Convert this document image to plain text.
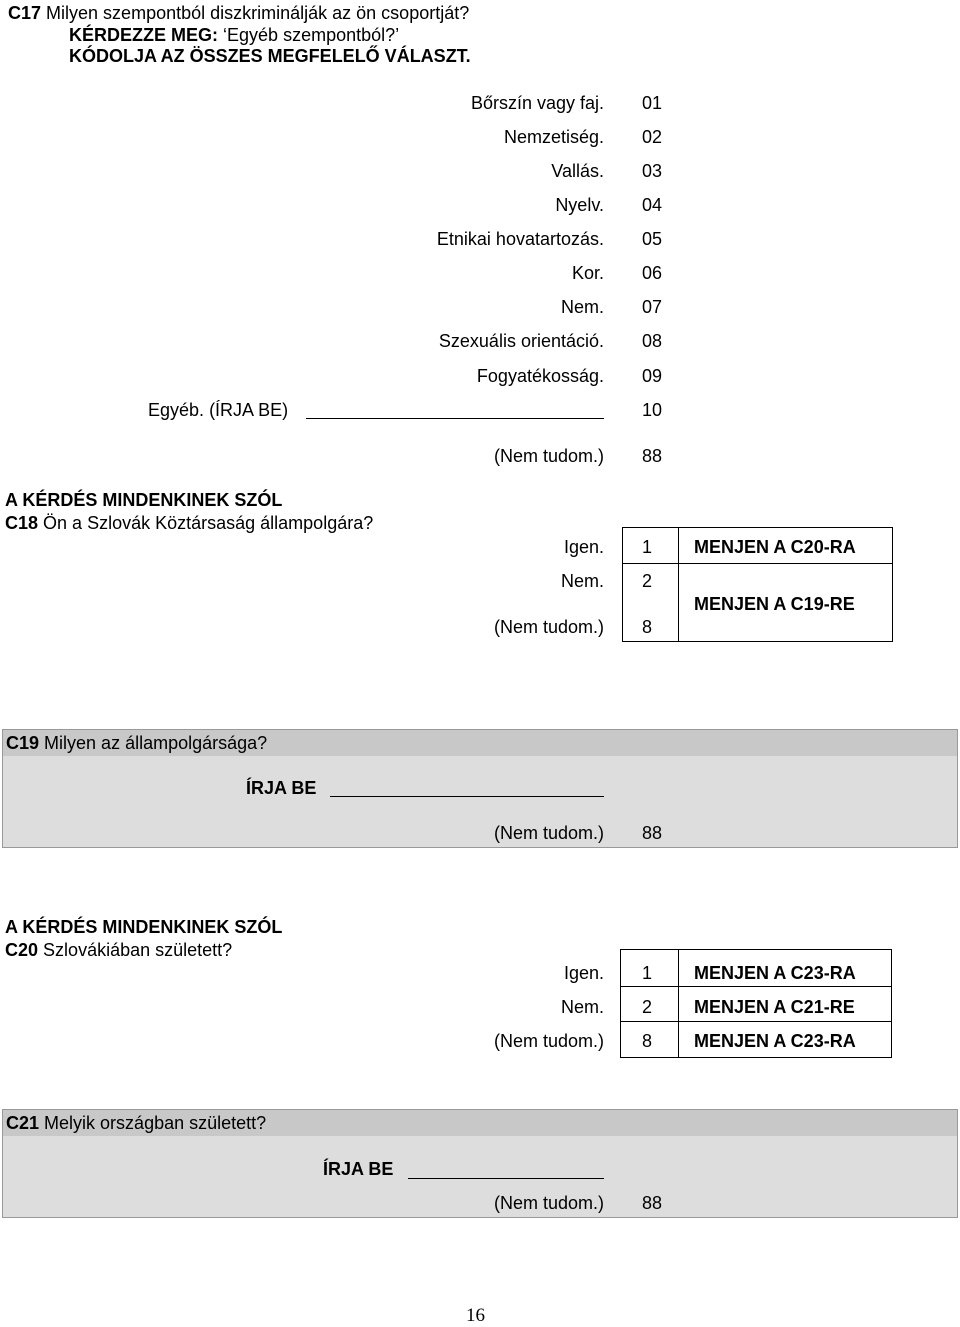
C17 Milyen szempontból diszkriminálják az ön csoportját?
KÉRDEZZE MEG: ‘Egyéb szempontból?’
KÓDOLJA AZ ÖSSZES MEGFELELŐ VÁLASZT.
Bőrszín vagy faj. 01
Nemzetiség. 02
Vallás. 03
Nyelv. 04
Etnikai hovatartozás. 05
Kor. 06
Nem. 07
Szexuális orientáció. 08
Fogyatékosság. 09
Egyéb. (ÍRJA BE)	10
(Nem tudom.) 88
A KÉRDÉS MINDENKINEK SZÓL
C18 Ön a Szlovák Köztársaság állampolgára?
Igen.
Nem.
(Nem tudom.)
1
2
8
MENJEN A C20-RA
MENJEN A C19-RE
C19 Milyen az állampolgársága?
ÍRJA BE
(Nem tudom.) 88
A KÉRDÉS MINDENKINEK SZÓL
C20 Szlovákiában született?
Igen.
Nem.
(Nem tudom.)
1
2
8
MENJEN A C23-RA
MENJEN A C21-RE
MENJEN A C23-RA
C21 Melyik országban született?
ÍRJA BE
(Nem tudom.) 88
16
